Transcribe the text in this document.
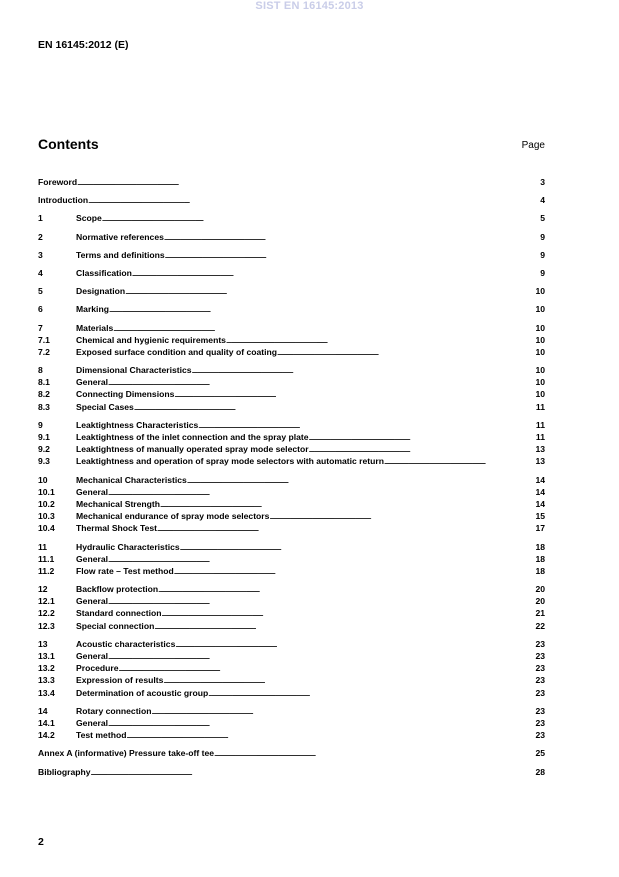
SIST EN 16145:2013
EN 16145:2012 (E)
Contents	Page
Foreword . . .	3
Introduction . . .	4
1	Scope . . .	5
2	Normative references . . .	9
3	Terms and definitions . . .	9
4	Classification . . .	9
5	Designation . . .	10
6	Marking . . .	10
7	Materials . . .	10
7.1	Chemical and hygienic requirements . . .	10
7.2	Exposed surface condition and quality of coating . . .	10
8	Dimensional Characteristics . . .	10
8.1	General . . .	10
8.2	Connecting Dimensions . . .	10
8.3	Special Cases . . .	11
9	Leaktightness Characteristics . . .	11
9.1	Leaktightness of the inlet connection and the spray plate . . .	11
9.2	Leaktightness of manually operated spray mode selector . . .	13
9.3	Leaktightness and operation of spray mode selectors with automatic return . . .	13
10	Mechanical Characteristics . . .	14
10.1	General . . .	14
10.2	Mechanical Strength . . .	14
10.3	Mechanical endurance of spray mode selectors . . .	15
10.4	Thermal Shock Test . . .	17
11	Hydraulic Characteristics . . .	18
11.1	General . . .	18
11.2	Flow rate – Test method . . .	18
12	Backflow protection . . .	20
12.1	General . . .	20
12.2	Standard connection . . .	21
12.3	Special connection . . .	22
13	Acoustic characteristics . . .	23
13.1	General . . .	23
13.2	Procedure . . .	23
13.3	Expression of results . . .	23
13.4	Determination of acoustic group . . .	23
14	Rotary connection . . .	23
14.1	General . . .	23
14.2	Test method . . .	23
Annex A (informative) Pressure take-off tee . . .	25
Bibliography . . .	28
2
